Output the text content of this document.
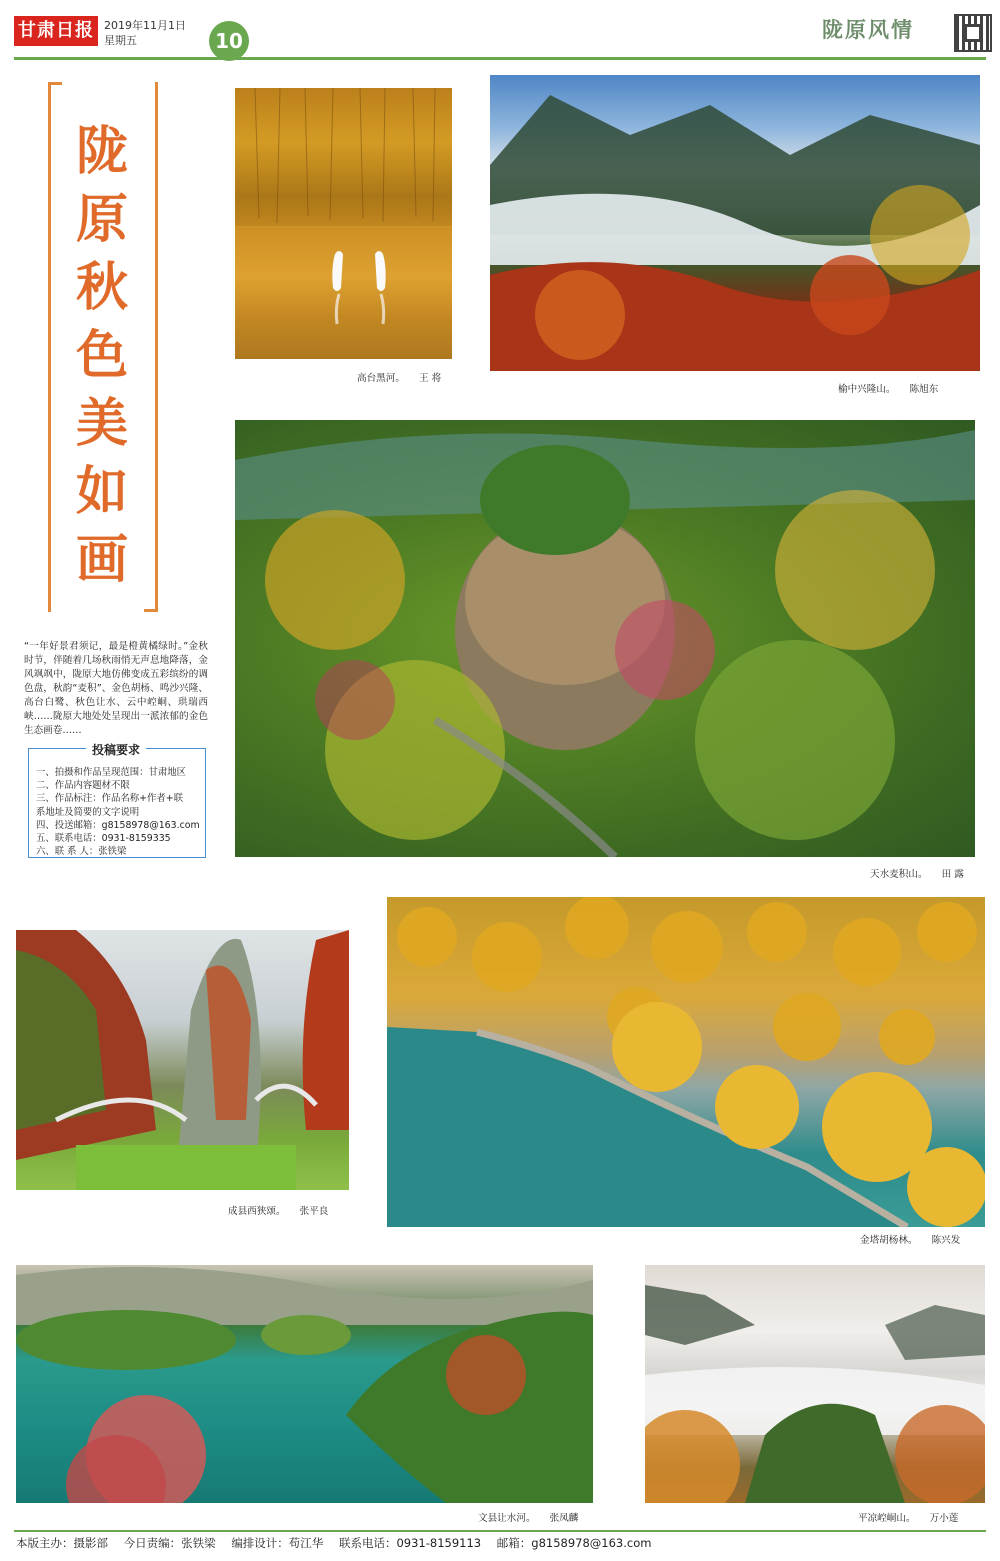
甘肃日报 2019年11月1日
星期五	10	陇原风情
陇
原
秋
色
美
如
画
“一年好景君须记，最是橙黄橘绿时。”金秋时节，伴随着几场秋雨悄无声息地降落，金风飒飒中，陇原大地仿佛变成五彩缤纷的调色盘，秋韵“麦积”、金色胡杨、鸣沙兴隆、高台白鹭、秋色让水、云中崆峒、珙瑞西峡……陇原大地处处呈现出一派浓郁的金色生态画卷……
投稿要求
一、拍摄和作品呈现范围：甘肃地区
二、作品内容题材不限
三、作品标注：作品名称+作者+联
系地址及简要的文字说明
四、投送邮箱：g8158978@163.com
五、联系电话：0931-8159335
六、联 系 人：张铁梁
高台黑河。 王 将
榆中兴隆山。 陈旭东
天水麦积山。 田 露
成县西狭颂。 张平良
金塔胡杨林。 陈兴发
文县让水河。 张凤麟	平凉崆峒山。 万小莲
本版主办：摄影部 今日责编：张铁梁 编排设计：苟江华 联系电话：0931-8159113 邮箱：g8158978@163.com
